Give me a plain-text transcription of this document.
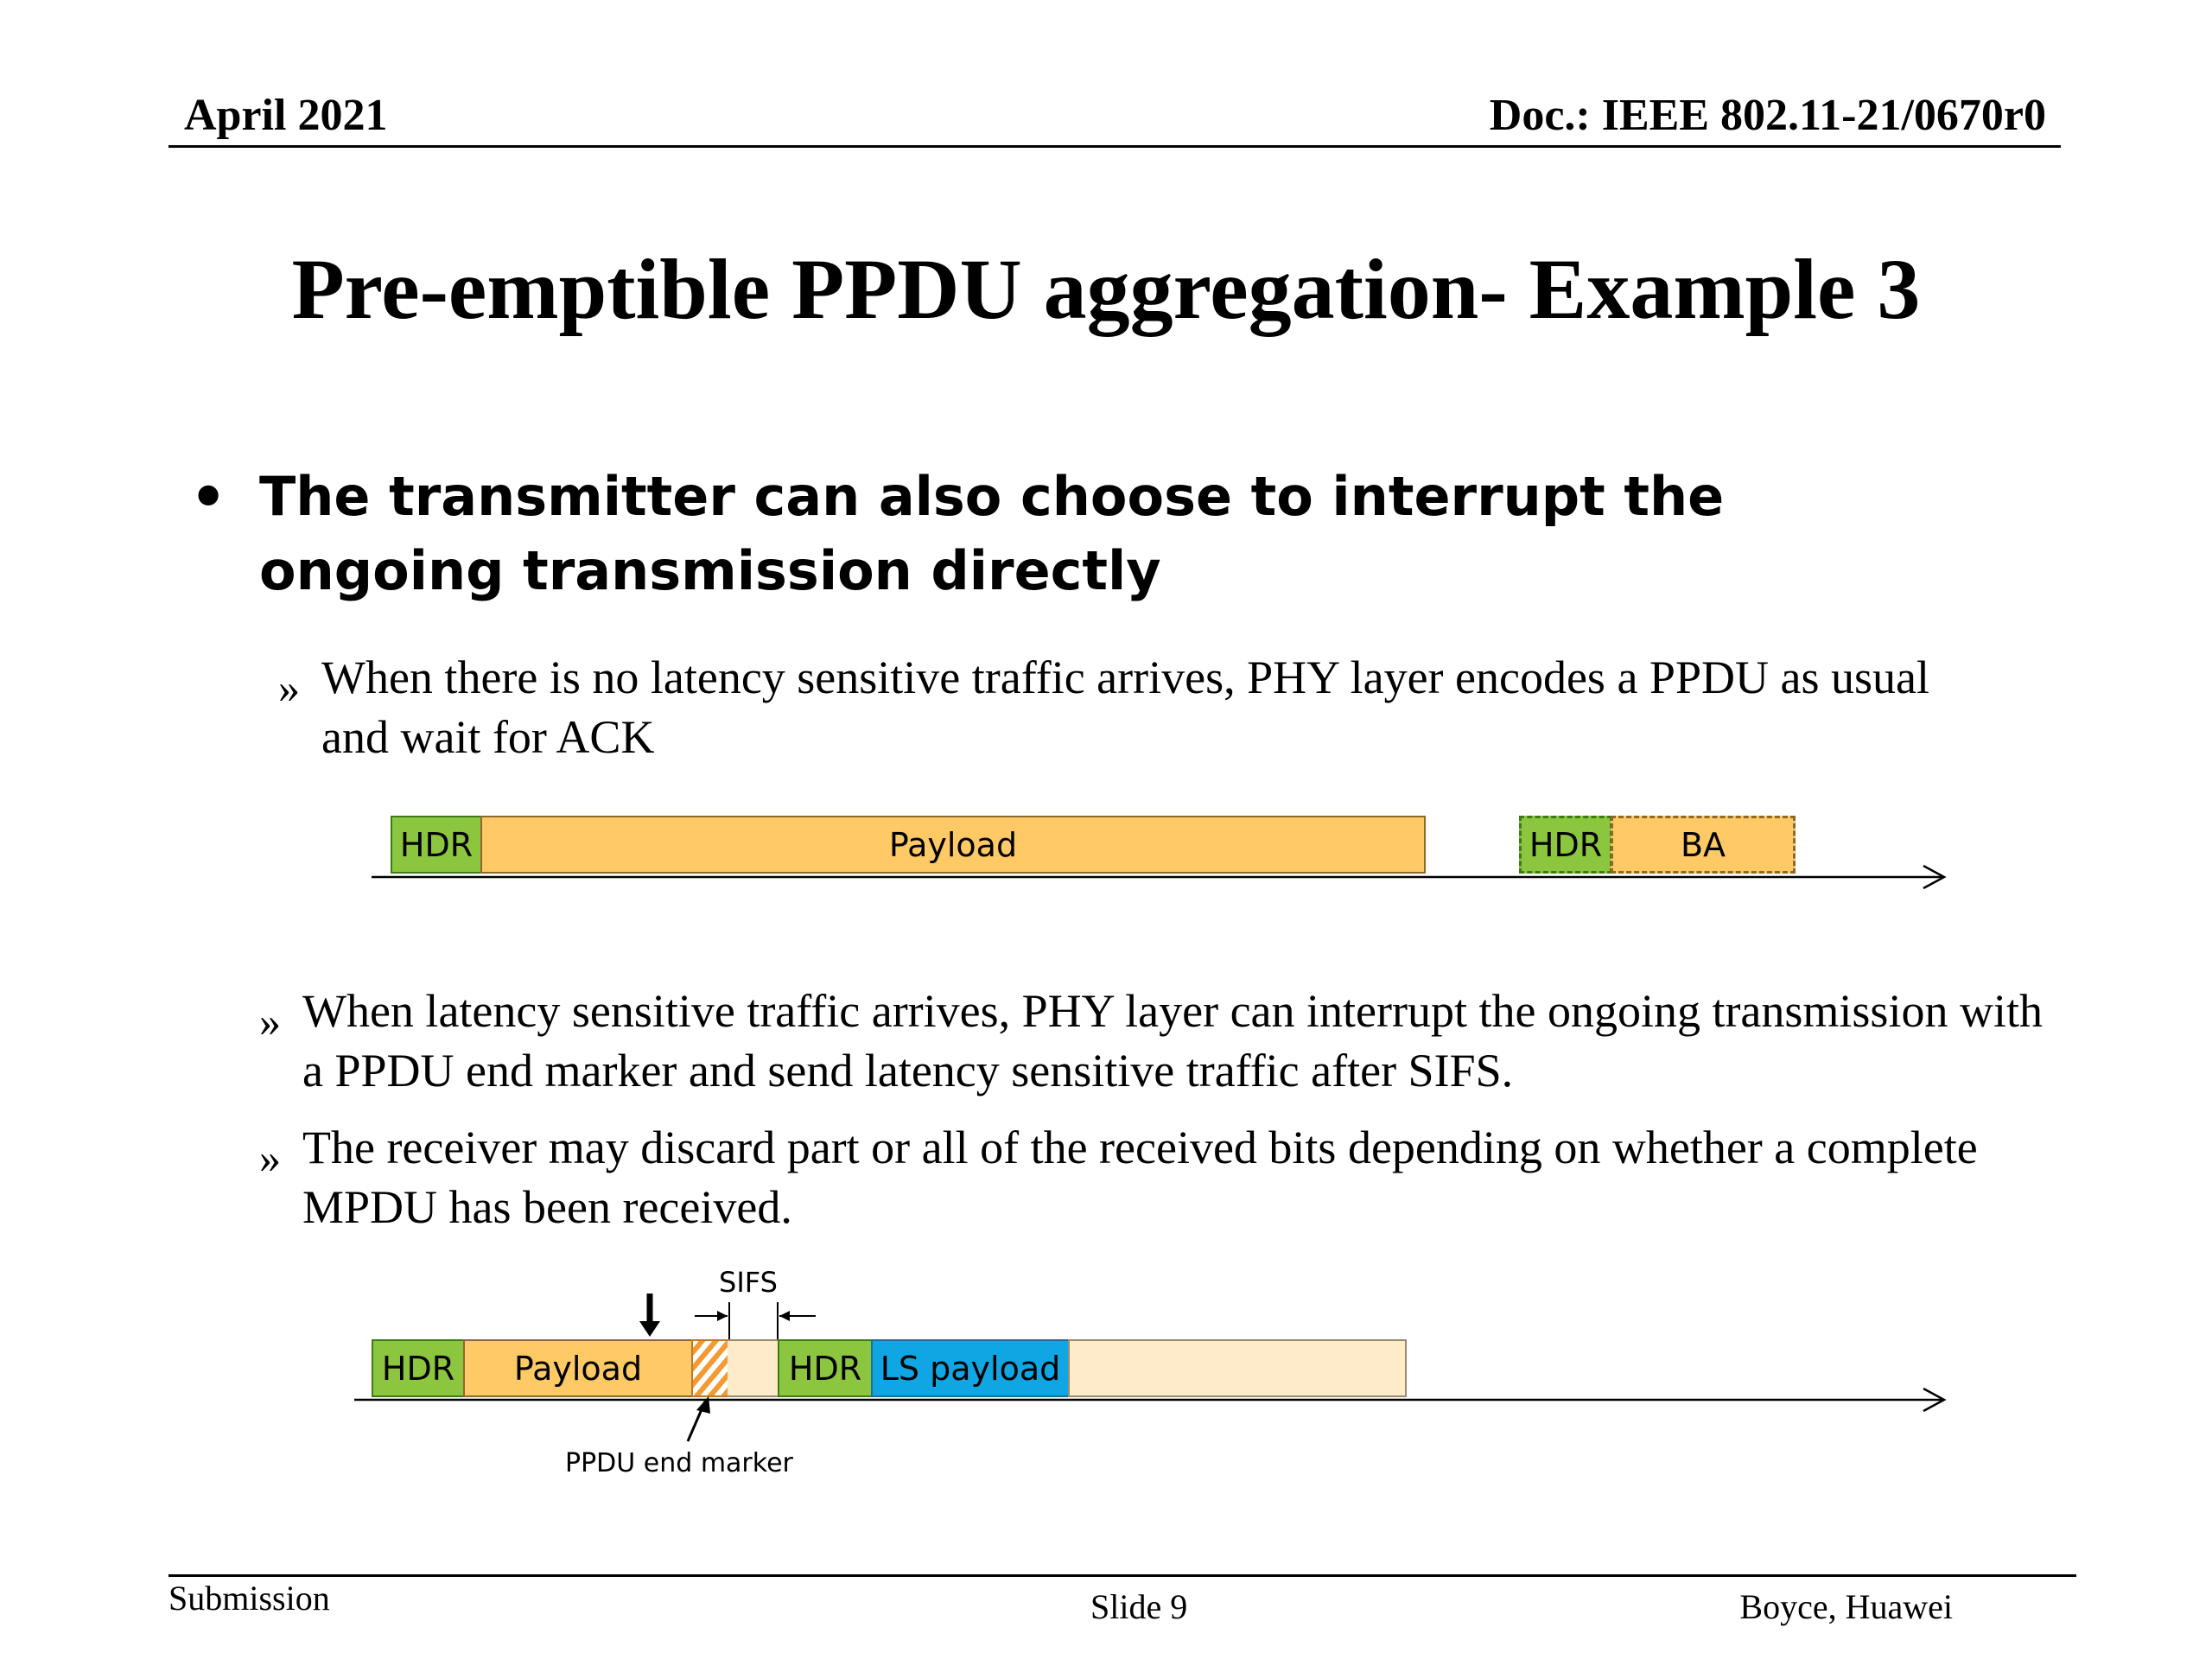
April 2021	Doc.: IEEE 802.11-21/0670r0
Pre-emptible PPDU aggregation- Example 3
• The transmitter can also choose to interrupt the ongoing transmission directly
» When there is no latency sensitive traffic arrives, PHY layer encodes a PPDU as usual and wait for ACK
HDR	Payload	HDR	BA
» When latency sensitive traffic arrives, PHY layer can interrupt the ongoing transmission with a PPDU end marker and send latency sensitive traffic after SIFS.
» The receiver may discard part or all of the received bits depending on whether a complete MPDU has been received.
SIFS
HDR	Payload	HDR LS payload
PPDU end marker
Submission	Slide 9	Boyce, Huawei
